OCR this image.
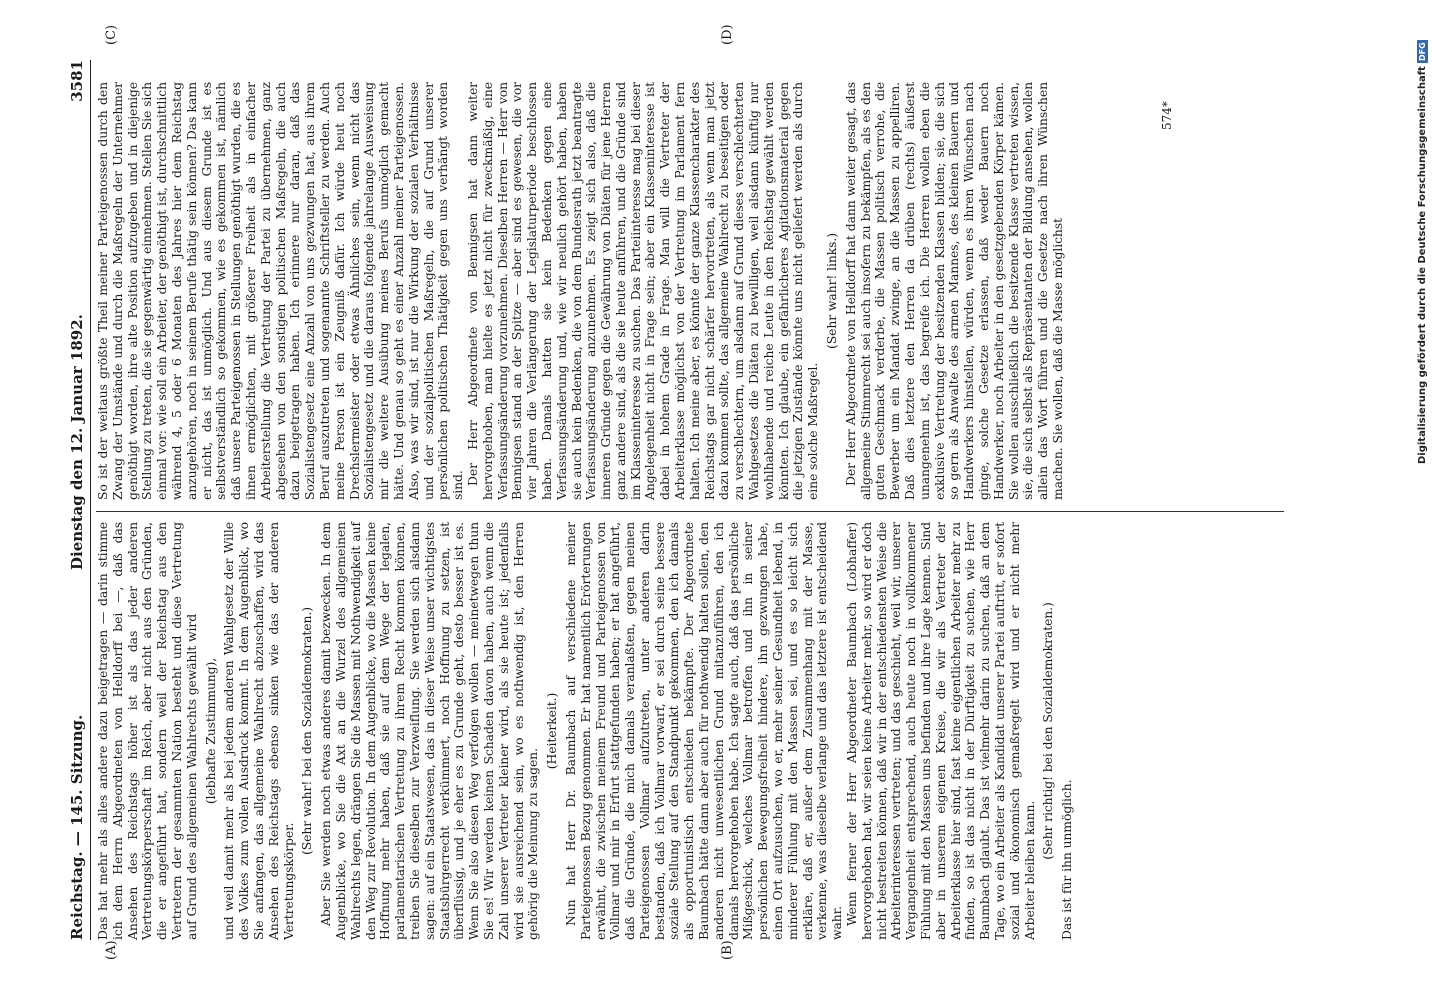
Reichstag. — 145. Sitzung.
Dienstag den 12. Januar 1892.
3581
(A)	(B)
(C)	(D)

Das hat mehr als alles andere dazu beigetragen — darin stimme ich dem Herrn Abgeordneten von Helldorff bei —, daß das Ansehen des Reichstags höher ist als das jeder anderen Vertretungskörperschaft im Reich, aber nicht aus den Gründen, die er angeführt hat, sondern weil der Reichstag aus den Vertretern der gesammten Nation besteht und diese Vertretung auf Grund des allgemeinen Wahlrechts gewählt wird (lebhafte Zustimmung), und weil damit mehr als bei jedem anderen Wahlgesetz der Wille des Volkes zum vollen Ausdruck kommt. In dem Augenblick, wo Sie anfangen, das allgemeine Wahlrecht abzuschaffen, wird das Ansehen des Reichstags ebenso sinken wie das der anderen Vertretungskörper.

(Sehr wahr! bei den Sozialdemokraten.) Aber Sie werden noch etwas anderes damit bezwecken. In dem Augenblicke, wo Sie die Axt an die Wurzel des allgemeinen Wahlrechts legen, drängen Sie die Massen mit Nothwendigkeit auf den Weg zur Revolution. In dem Augenblicke, wo die Massen keine Hoffnung mehr haben, daß sie auf dem Wege der legalen, parlamentarischen Vertretung zu ihrem Recht kommen können, treiben Sie dieselben zur Verzweiflung. Sie werden sich alsdann sagen: auf ein Staatswesen, das in dieser Weise unser wichtigstes Staatsbürgerrecht verkümmert, noch Hoffnung zu setzen, ist überflüssig, und je eher es zu Grunde geht, desto besser ist es. Wenn Sie also diesen Weg verfolgen wollen — meinetwegen thun Sie es! Wir werden keinen Schaden davon haben, auch wenn die Zahl unserer Vertreter kleiner wird, als sie heute ist; jedenfalls wird sie ausreichend sein, wo es nothwendig ist, den Herren gehörig die Meinung zu sagen.

(Heiterkeit.) Nun hat Herr Dr. Baumbach auf verschiedene meiner Parteigenossen Bezug genommen. Er hat namentlich Erörterungen erwähnt, die zwischen meinem Freund und Parteigenossen von Vollmar und mir in Erfurt stattgefunden haben; er hat angeführt, daß die Gründe, die mich damals veranlaßten, gegen meinen Parteigenossen Vollmar aufzutreten, unter anderen darin bestanden, daß ich Vollmar vorwarf, er sei durch seine bessere soziale Stellung auf den Standpunkt gekommen, den ich damals als opportunistisch entschieden bekämpfte. Der Abgeordnete Baumbach hätte dann aber auch für nothwendig halten sollen, den anderen nicht unwesentlichen Grund mitanzuführen, den ich damals hervorgehoben habe. Ich sagte auch, daß das persönliche Mißgeschick, welches Vollmar betroffen und ihn in seiner persönlichen Bewegungsfreiheit hindere, ihn gezwungen habe, einen Ort aufzusuchen, wo er, mehr seiner Gesundheit lebend, in minderer Fühlung mit den Massen sei, und es so leicht sich erkläre, daß er, außer dem Zusammenhang mit der Masse, verkenne, was dieselbe verlange und das letztere ist entscheidend wahr. Wenn ferner der Herr Abgeordneter Baumbach (Lobhaffer) hervorgehoben hat, wir seien keine Arbeiter mehr, so wird er doch nicht bestreiten können, daß wir in der entschiedensten Weise die Arbeiterinteressen vertreten; und das geschieht, weil wir, unserer Vergangenheit entsprechend, auch heute noch in vollkommener Fühlung mit den Massen uns befinden und ihre Lage kennen. Sind aber in unserem eigenen Kreise, die wir als Vertreter der Arbeiterklasse hier sind, fast keine eigentlichen Arbeiter mehr zu finden, so ist das nicht in der Dürftigkeit zu suchen, wie Herr Baumbach glaubt. Das ist vielmehr darin zu suchen, daß an dem Tage, wo ein Arbeiter als Kandidat unserer Partei auftritt, er sofort sozial und ökonomisch gemaßregelt wird und er nicht mehr Arbeiter bleiben kann.

(Sehr richtig! bei den Sozialdemokraten.)

Das ist für ihn unmöglich.

So ist der weitaus größte Theil meiner Parteigenossen durch den Zwang der Umstände und durch die Maßregeln der Unternehmer genöthigt worden, ihre alte Position aufzugeben und in diejenige Stellung zu treten, die sie gegenwärtig einnehmen. Stellen Sie sich einmal vor: wie soll ein Arbeiter, der genöthigt ist, durchschnittlich während 4, 5 oder 6 Monaten des Jahres hier dem Reichstag anzugehören, noch in seinem Berufe thätig sein können? Das kann er nicht, das ist unmöglich. Und aus diesem Grunde ist es selbstverständlich so gekommen, wie es gekommen ist, nämlich daß unsere Parteigenossen in Stellungen genöthigt wurden, die es ihnen ermöglichten, mit größerer Freiheit als in einfacher Arbeiterstellung die Vertretung der Partei zu übernehmen, ganz abgesehen von den sonstigen politischen Maßregeln, die auch dazu beigetragen haben. Ich erinnere nur daran, daß das Sozialistengesetz eine Anzahl von uns gezwungen hat, aus ihrem Beruf auszutreten und sogenannte Schriftsteller zu werden. Auch meine Person ist ein Zeugniß dafür. Ich würde heut noch Drechslermeister oder etwas Ähnliches sein, wenn nicht das Sozialistengesetz und die daraus folgende jahrelange Ausweisung mir die weitere Ausübung meines Berufs unmöglich gemacht hätte. Und genau so geht es einer Anzahl meiner Parteigenossen. Also, was wir sind, ist nur die Wirkung der sozialen Verhältnisse und der sozialpolitischen Maßregeln, die auf Grund unserer persönlichen politischen Thätigkeit gegen uns verhängt worden sind. Der Herr Abgeordnete von Bennigsen hat dann weiter hervorgehoben, man hielte es jetzt nicht für zweckmäßig, eine Verfassungsänderung vorzunehmen. Dieselben Herren — Herr von Bennigsen stand an der Spitze — aber sind es gewesen, die vor vier Jahren die Verlängerung der Legislaturperiode beschlossen haben. Damals hatten sie kein Bedenken gegen eine Verfassungsänderung und, wie wir neulich gehört haben, haben sie auch kein Bedenken, die von dem Bundesrath jetzt beantragte Verfassungsänderung anzunehmen. Es zeigt sich also, daß die inneren Gründe gegen die Gewährung von Diäten für jene Herren ganz andere sind, als die sie heute anführen, und die Gründe sind im Klasseninteresse zu suchen. Das Parteiinteresse mag bei dieser Angelegenheit nicht in Frage sein; aber ein Klasseninteresse ist dabei in hohem Grade in Frage. Man will die Vertreter der Arbeiterklasse möglichst von der Vertretung im Parlament fern halten. Ich meine aber, es könnte der ganze Klassencharakter des Reichstags gar nicht schärfer hervortreten, als wenn man jetzt dazu kommen sollte, das allgemeine Wahlrecht zu beseitigen oder zu verschlechtern, um alsdann auf Grund dieses verschlechterten Wahlgesetzes die Diäten zu bewilligen, weil alsdann künftig nur wohlhabende und reiche Leute in den Reichstag gewählt werden könnten. Ich glaube, ein gefährlicheres Agitationsmaterial gegen die jetzigen Zustände könnte uns nicht geliefert werden als durch eine solche Maßregel.

(Sehr wahr! links.) Der Herr Abgeordnete von Helldorff hat dann weiter gesagt, das allgemeine Stimmrecht sei auch insofern zu bekämpfen, als es den guten Geschmack verderbe, die Massen politisch verrohe, die Bewerber um ein Mandat zwinge, an die Massen zu appelliren. Daß dies letztere den Herren da drüben (rechts) äußerst unangenehm ist, das begreife ich. Die Herren wollen eben die exklusive Vertretung der besitzenden Klassen bilden; sie, die sich so gern als Anwalte des armen Mannes, des kleinen Bauern und Handwerkers hinstellen, würden, wenn es ihren Wünschen nach ginge, solche Gesetze erlassen, daß weder Bauern noch Handwerker, noch Arbeiter in den gesetzgebenden Körper kämen. Sie wollen ausschließlich die besitzende Klasse vertreten wissen, sie, die sich selbst als Repräsentanten der Bildung ansehen, wollen allein das Wort führen und die Gesetze nach ihren Wünschen machen. Sie wollen, daß die Masse möglichst

574*	Digitalisierung gefördert durch die Deutsche Forschungsgemeinschaft DFG
